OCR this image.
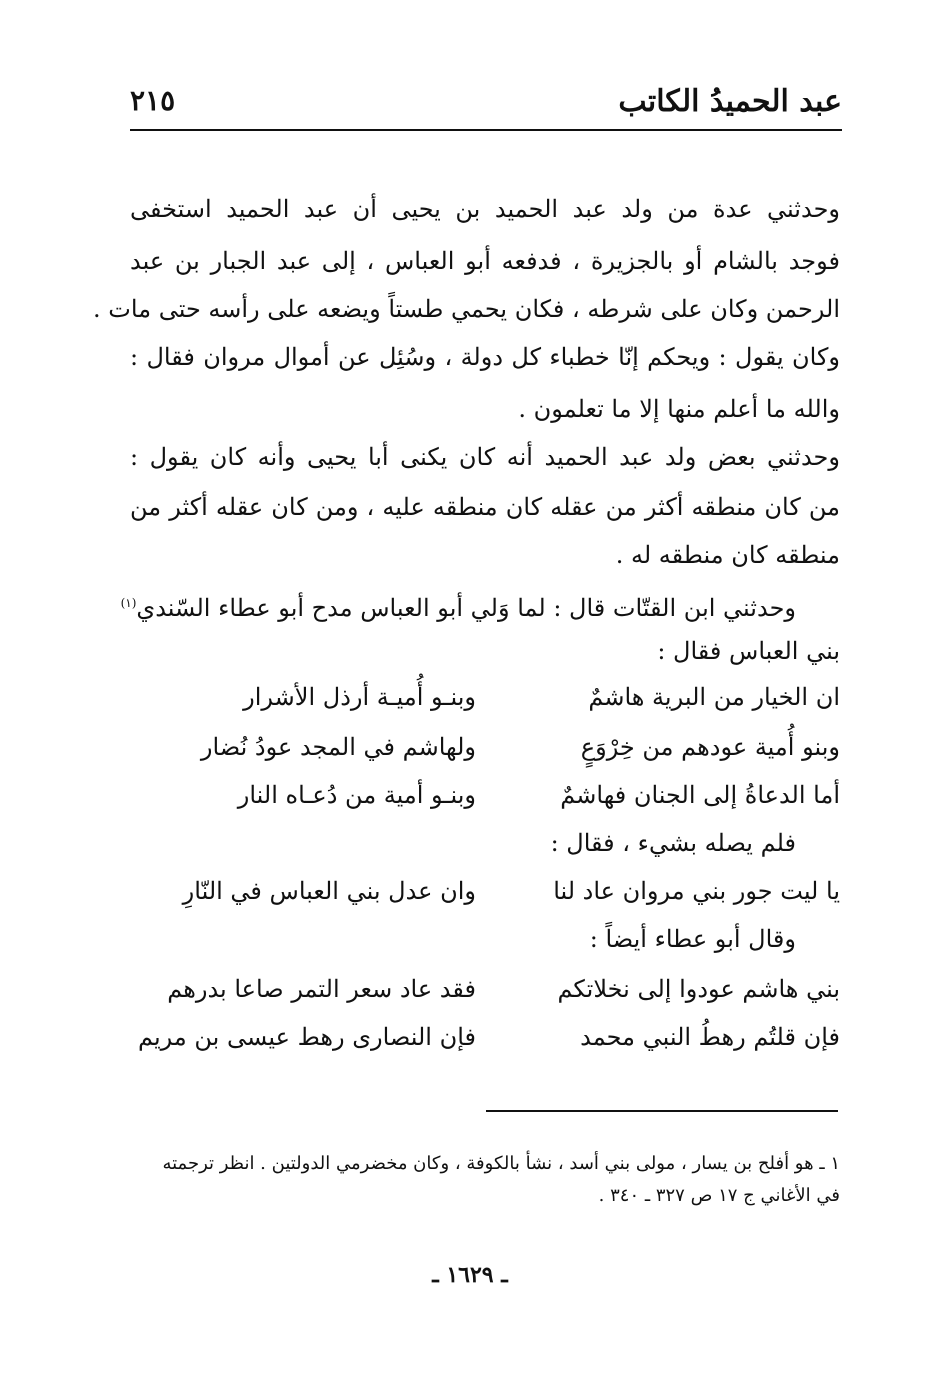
عبد الحميدُ الكاتب
٢١٥
وحدثني عدة من ولد عبد الحميد بن يحيى أن عبد الحميد استخفى
فوجد بالشام أو بالجزيرة ، فدفعه أبو العباس ، إلى عبد الجبار بن عبد
الرحمن وكان على شرطه ، فكان يحمي طستاً ويضعه على رأسه حتى مات .
وكان يقول : ويحكم إنّا خطباء كل دولة ، وسُئِل عن أموال مروان فقال :
والله ما أعلم منها إلا ما تعلمون .
وحدثني بعض ولد عبد الحميد أنه كان يكنى أبا يحيى وأنه كان يقول :
من كان منطقه أكثر من عقله كان منطقه عليه ، ومن كان عقله أكثر من
منطقه كان منطقه له .
وحدثني ابن القتّات قال : لما وَلي أبو العباس مدح أبو عطاء السّندي$^{(١)}$
بني العباس فقال :
ان الخيار من البرية هاشمٌ
وبنـو أُميـة أرذل الأشرار
وبنو أُمية عودهم من خِرْوَعٍ
ولهاشم في المجد عودُ نُضار
أما الدعاةُ إلى الجنان فهاشمٌ
وبنـو أمية من دُعـاه النار
فلم يصله بشيء ، فقال :
يا ليت جور بني مروان عاد لنا
وان عدل بني العباس في النّارِ
وقال أبو عطاء أيضاً :
بني هاشم عودوا إلى نخلاتكم
فقد عاد سعر التمر صاعا بدرهم
فإن قلتُم رهطُ النبي محمد
فإن النصارى رهط عيسى بن مريم
١ ـ هو أفلح بن يسار ، مولى بني أسد ، نشأ بالكوفة ، وكان مخضرمي الدولتين . انظر ترجمته
في الأغاني ج ١٧ ص ٣٢٧ ـ ٣٤٠ .
ـ ١٦٢٩ ـ
